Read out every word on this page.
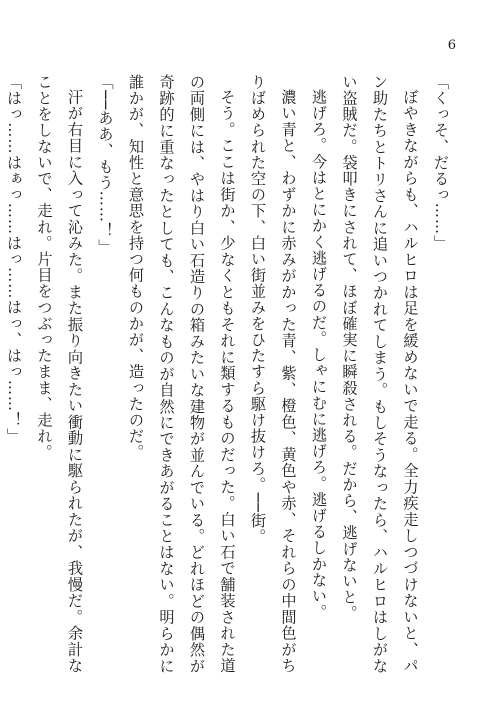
6

「くっそ、だるっ……」

ぼやきながらも、ハルヒロは足を緩めないで走る。全力疾走しつづけないと、パン助たちとトリさんに追いつかれてしまう。もしそうなったら、ハルヒロはしがない盗賊だ。袋叩きにされて、ほぼ確実に瞬殺される。だから、逃げないと。

逃げろ。今はとにかく逃げるのだ。しゃにむに逃げろ。逃げるしかない。

濃い青と、わずかに赤みがかった青、紫、橙色、黄色や赤、それらの中間色がちりばめられた空の下、白い街並みをひたすら駆け抜けろ。──街。

そう。ここは街か、少なくともそれに類するものだった。白い石で舗装された道の両側には、やはり白い石造りの箱みたいな建物が並んでいる。どれほどの偶然が奇跡的に重なったとしても、こんなものが自然にできあがることはない。明らかに誰かが、知性と意思を持つ何ものかが、造ったのだ。

「──ああ、もう……！」

汗が右目に入って沁みた。また振り向きたい衝動に駆られたが、我慢だ。余計なことをしないで、走れ。片目をつぶったまま、走れ。

「はっ……はぁっ……はっ……はっ、はっ……！」
